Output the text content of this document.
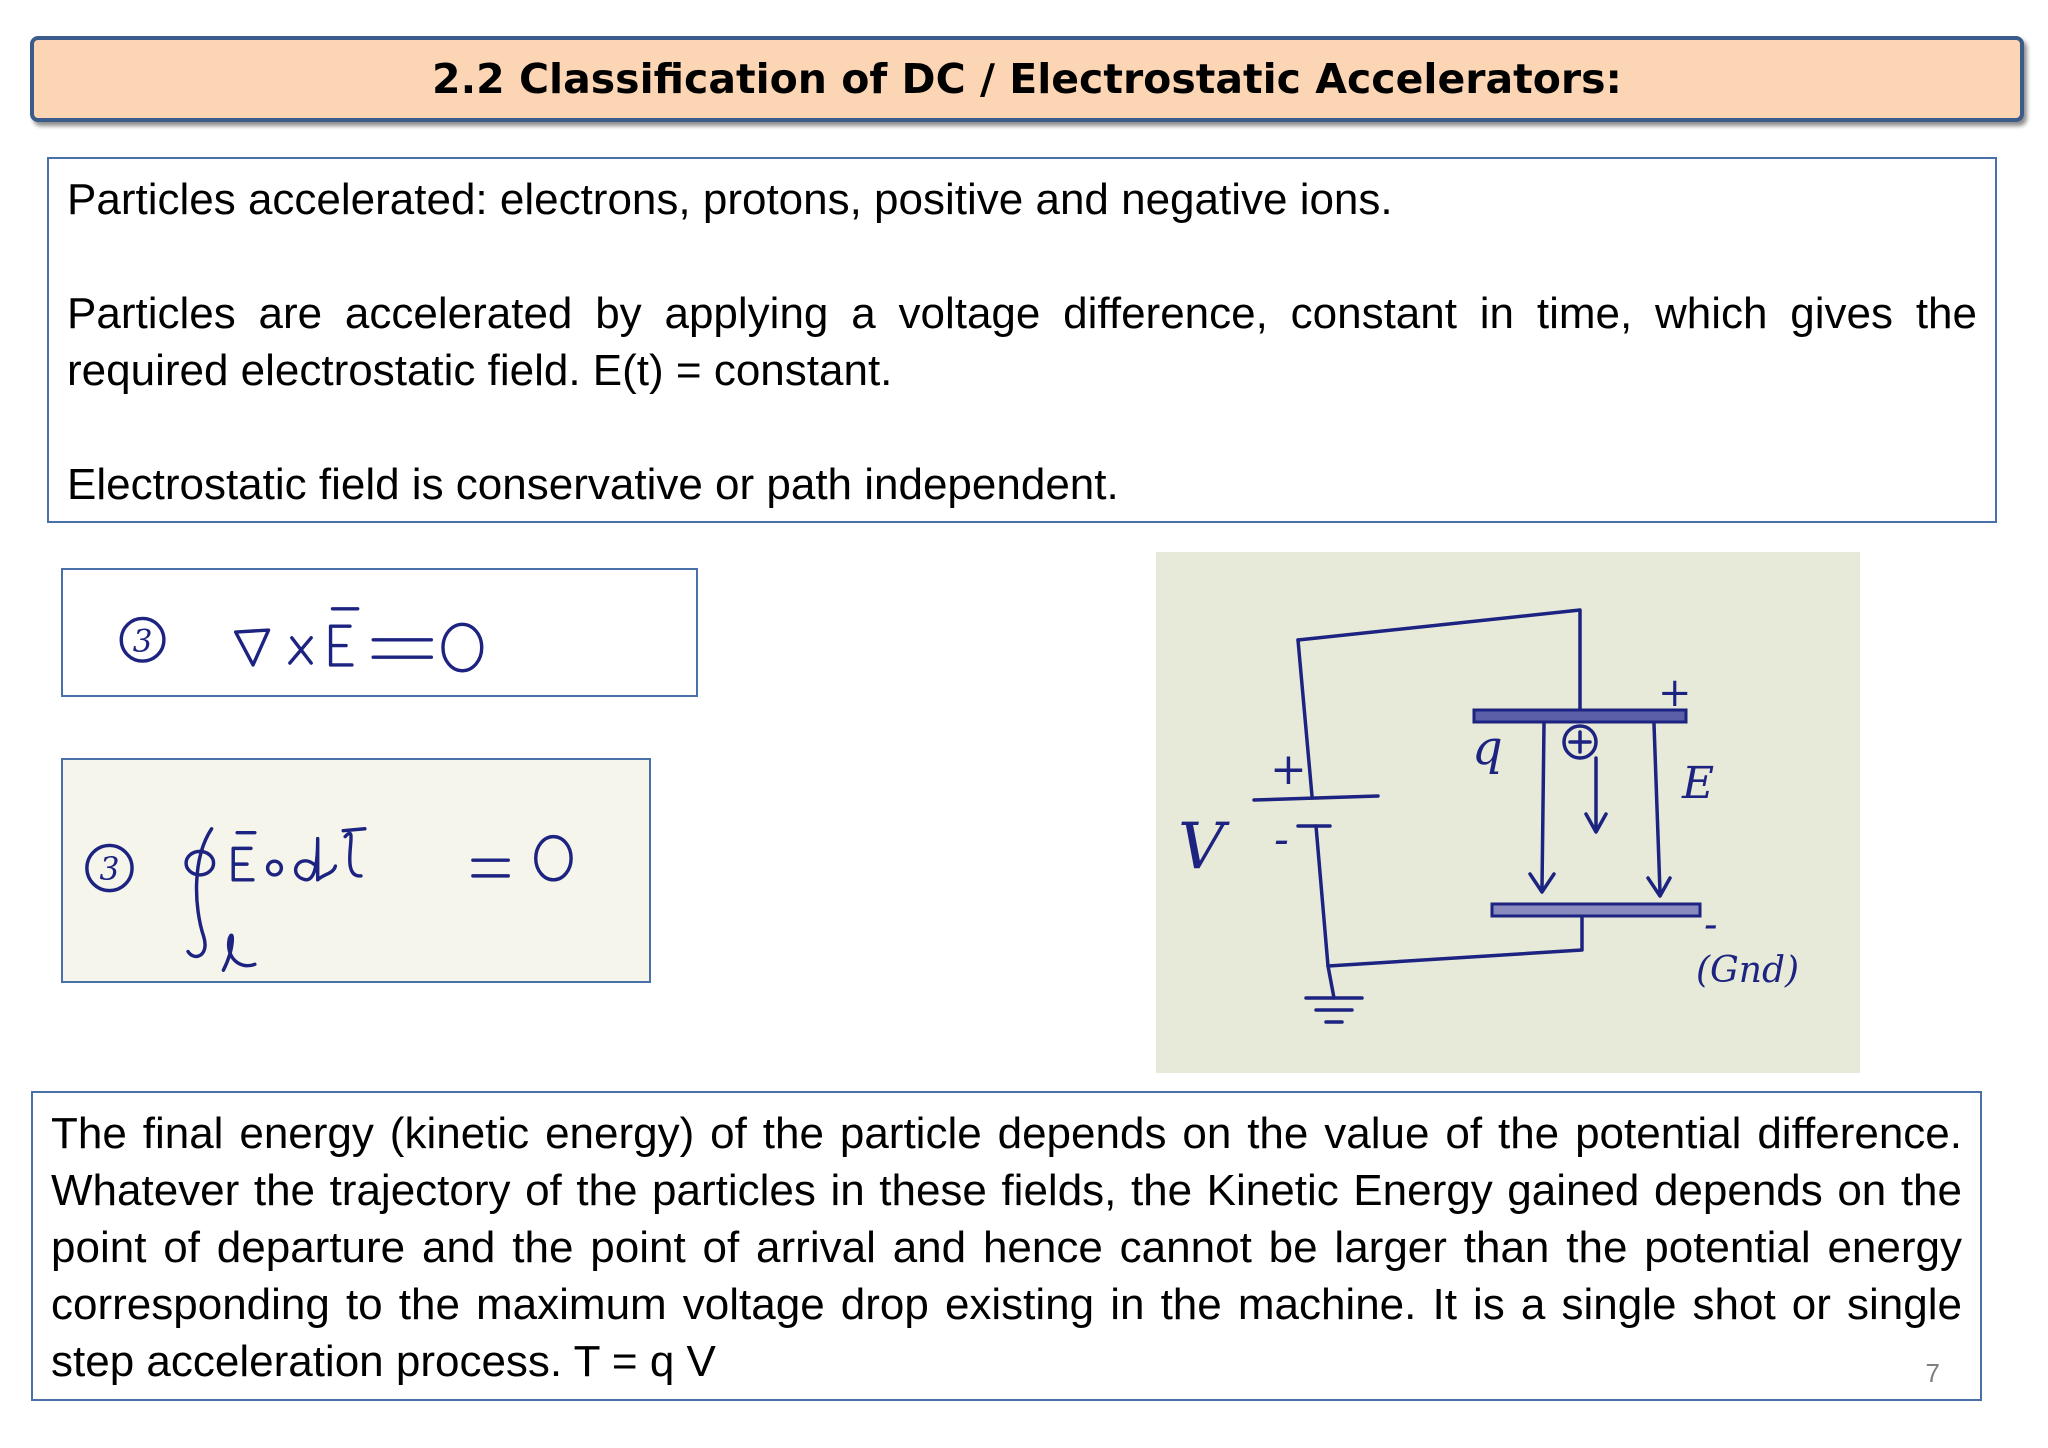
2.2 Classification of DC / Electrostatic Accelerators:

Particles accelerated: electrons, protons, positive and negative ions.

Particles are accelerated by applying a voltage difference, constant in time, which gives the required electrostatic field. E(t) = constant.

Electrostatic field is conservative or path independent.

3
3
+
-
V
+
-
q
E
(Gnd)

The final energy (kinetic energy) of the particle depends on the value of the potential difference. Whatever the trajectory of the particles in these fields, the Kinetic Energy gained depends on the point of departure and the point of arrival and hence cannot be larger than the potential energy corresponding to the maximum voltage drop existing in the machine. It is a single shot or single step acceleration process. T = q V	7
